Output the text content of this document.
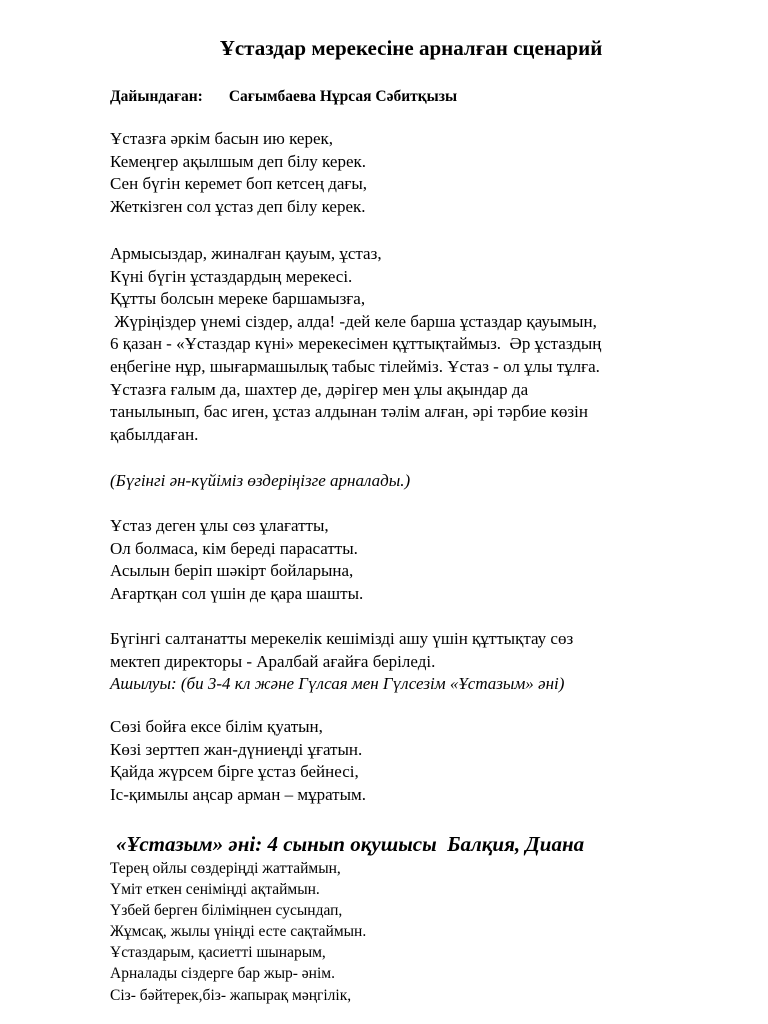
Ұстаздар мерекесіне арналған сценарий
Дайындаған: Сағымбаева Нұрсая Сәбитқызы
Ұстазға әркім басын ию керек,
Кемеңгер ақылшым деп білу керек.
Сен бүгін керемет боп кетсең дағы,
Жеткізген сол ұстаз деп білу керек.
Армысыздар, жиналған қауым, ұстаз,
Күні бүгін ұстаздардың мерекесі.
Құтты болсын мереке баршамызға,
Жүріңіздер үнемі сіздер, алда! -дей келе барша ұстаздар қауымын,
6 қазан - «Ұстаздар күні» мерекесімен құттықтаймыз.  Әр ұстаздың
еңбегіне нұр, шығармашылық табыс тілейміз. Ұстаз - ол ұлы тұлға.
Ұстазға ғалым да, шахтер де, дәрігер мен ұлы ақындар да
танылынып, бас иген, ұстаз алдынан тәлім алған, әрі тәрбие көзін
қабылдаған.
(Бүгінгі ән-күйіміз өздеріңізге арналады.)
Ұстаз деген ұлы сөз ұлағатты,
Ол болмаса, кім береді парасатты.
Асылын беріп шәкірт бойларына,
Ағартқан сол үшін де қара шашты.
Бүгінгі салтанатты мерекелік кешімізді ашу үшін құттықтау сөз
мектеп директоры - Аралбай ағайға беріледі.
Ашылуы: (би 3-4 кл және Гүлсая мен Гүлсезім «Ұстазым» әні)
Сөзі бойға ексе білім қуатын,
Көзі зерттеп жан-дүниеңді ұғатын.
Қайда жүрсем бірге ұстаз бейнесі,
Іс-қимылы аңсар арман – мұратым.
«Ұстазым» әні: 4 сынып оқушысы  Балқия, Диана
Терең ойлы сөздеріңді жаттаймын,
Үміт еткен сеніміңді ақтаймын.
Үзбей берген біліміңнен сусындап,
Жұмсақ, жылы үніңді есте сақтаймын.
Ұстаздарым, қасиетті шынарым,
Арналады сіздерге бар жыр- әнім.
Сіз- бәйтерек,біз- жапырақ мәңгілік,
